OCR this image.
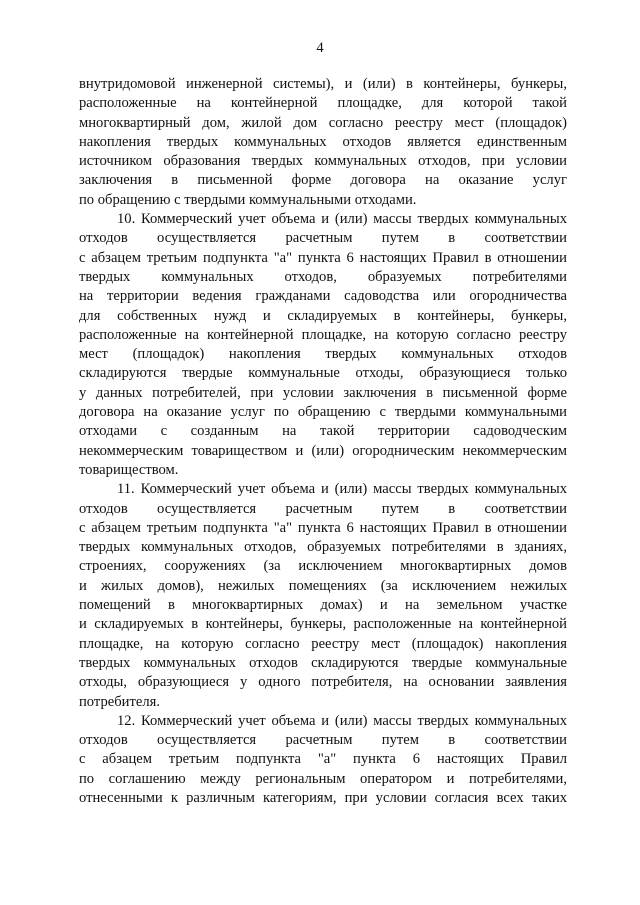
4
внутридомовой инженерной системы), и (или) в контейнеры, бункеры,
расположенные на контейнерной площадке, для которой такой
многоквартирный дом, жилой дом согласно реестру мест (площадок)
накопления твердых коммунальных отходов является единственным
источником образования твердых коммунальных отходов, при условии
заключения в письменной форме договора на оказание услуг
по обращению с твердыми коммунальными отходами.
10. Коммерческий учет объема и (или) массы твердых коммунальных
отходов осуществляется расчетным путем в соответствии
с абзацем третьим подпункта "а" пункта 6 настоящих Правил в отношении
твердых коммунальных отходов, образуемых потребителями
на территории ведения гражданами садоводства или огородничества
для собственных нужд и складируемых в контейнеры, бункеры,
расположенные на контейнерной площадке, на которую согласно реестру
мест (площадок) накопления твердых коммунальных отходов
складируются твердые коммунальные отходы, образующиеся только
у данных потребителей, при условии заключения в письменной форме
договора на оказание услуг по обращению с твердыми коммунальными
отходами с созданным на такой территории садоводческим
некоммерческим товариществом и (или) огородническим некоммерческим
товариществом.
11. Коммерческий учет объема и (или) массы твердых коммунальных
отходов осуществляется расчетным путем в соответствии
с абзацем третьим подпункта "а" пункта 6 настоящих Правил в отношении
твердых коммунальных отходов, образуемых потребителями в зданиях,
строениях, сооружениях (за исключением многоквартирных домов
и жилых домов), нежилых помещениях (за исключением нежилых
помещений в многоквартирных домах) и на земельном участке
и складируемых в контейнеры, бункеры, расположенные на контейнерной
площадке, на которую согласно реестру мест (площадок) накопления
твердых коммунальных отходов складируются твердые коммунальные
отходы, образующиеся у одного потребителя, на основании заявления
потребителя.
12. Коммерческий учет объема и (или) массы твердых коммунальных
отходов осуществляется расчетным путем в соответствии
с абзацем третьим подпункта "а" пункта 6 настоящих Правил
по соглашению между региональным оператором и потребителями,
отнесенными к различным категориям, при условии согласия всех таких
